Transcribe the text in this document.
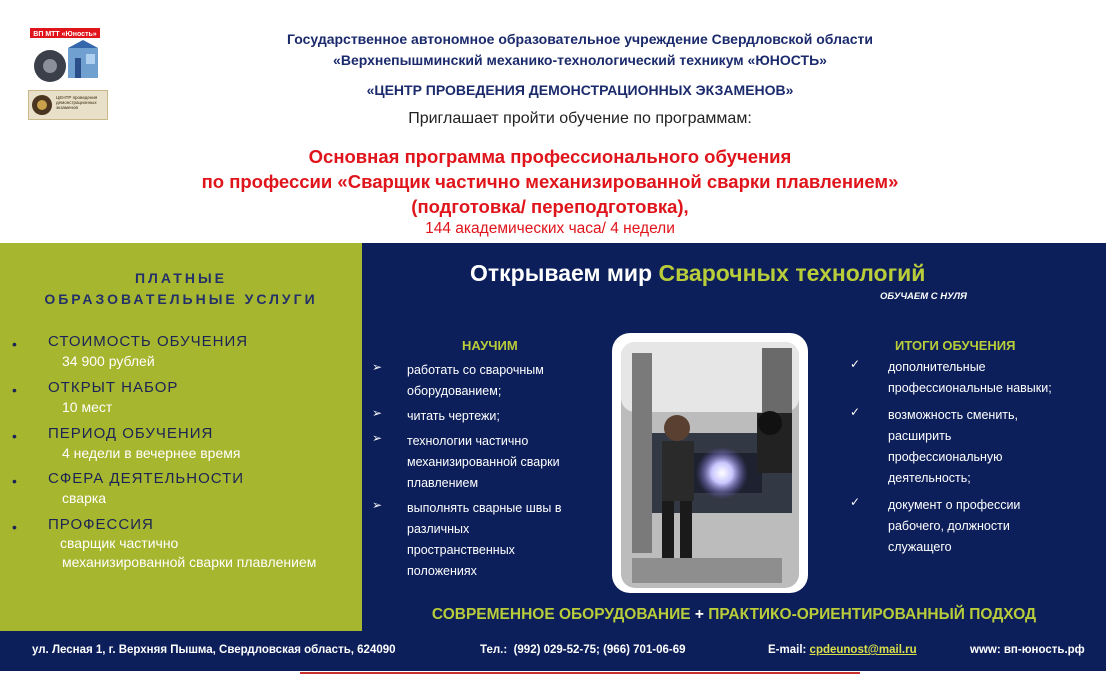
ВП МТТ «Юность»
ЦЕНТР проведения демонстрационных экзаменов
Государственное автономное образовательное учреждение Свердловской области
«Верхнепышминский механико-технологический техникум «ЮНОСТЬ»
«ЦЕНТР ПРОВЕДЕНИЯ ДЕМОНСТРАЦИОННЫХ ЭКЗАМЕНОВ»
Приглашает пройти обучение по программам:
Основная программа профессионального обучения
по профессии «Сварщик частично механизированной сварки плавлением»
(подготовка/ переподготовка),
144 академических часа/ 4 недели
ПЛАТНЫЕ
ОБРАЗОВАТЕЛЬНЫЕ УСЛУГИ
• СТОИМОСТЬ ОБУЧЕНИЯ
34 900 рублей
• ОТКРЫТ НАБОР
10 мест
• ПЕРИОД ОБУЧЕНИЯ
4 недели в вечернее время
• СФЕРА ДЕЯТЕЛЬНОСТИ
сварка
• ПРОФЕССИЯ
сварщик частично
механизированной сварки плавлением
Открываем мир Сварочных технологий
ОБУЧАЕМ С НУЛЯ
НАУЧИМ
➢ работать со сварочным
оборудованием;
➢ читать чертежи;
➢ технологии частично
механизированной сварки
плавлением
➢ выполнять сварные швы в
различных
пространственных
положениях
ИТОГИ ОБУЧЕНИЯ
✓ дополнительные
профессиональные навыки;
✓ возможность сменить,
расширить
профессиональную
деятельность;
✓ документ о профессии
рабочего, должности
служащего
СОВРЕМЕННОЕ ОБОРУДОВАНИЕ + ПРАКТИКО-ОРИЕНТИРОВАННЫЙ ПОДХОД
ул. Лесная 1, г. Верхняя Пышма, Свердловская область, 624090	Тел.: (992) 029-52-75; (966) 701-06-69	E-mail: cpdeunost@mail.ru	www: вп-юность.рф
